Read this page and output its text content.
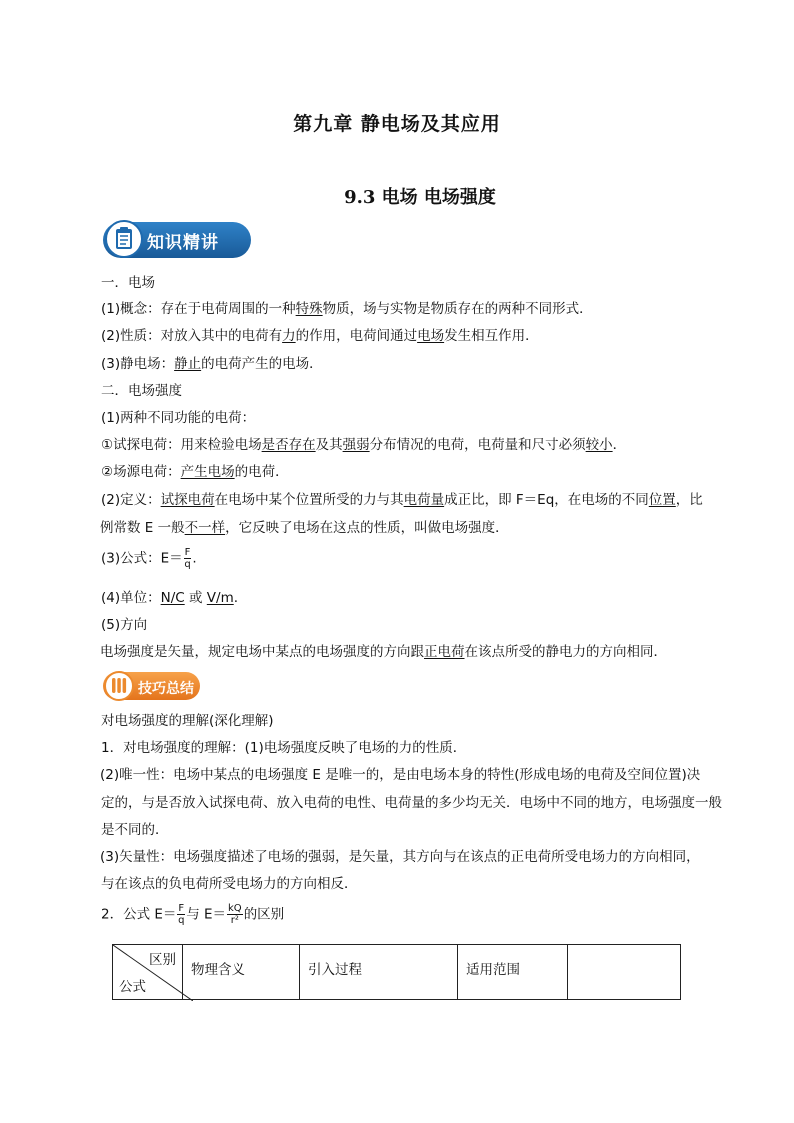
第九章 静电场及其应用
9.3 电场 电场强度
知识精讲
一．电场
(1)概念：存在于电荷周围的一种特殊物质，场与实物是物质存在的两种不同形式．
(2)性质：对放入其中的电荷有力的作用，电荷间通过电场发生相互作用．
(3)静电场：静止的电荷产生的电场．
二．电场强度
(1)两种不同功能的电荷：
①试探电荷：用来检验电场是否存在及其强弱分布情况的电荷，电荷量和尺寸必须较小．
②场源电荷：产生电场的电荷．
(2)定义：试探电荷在电场中某个位置所受的力与其电荷量成正比，即 F＝Eq，在电场的不同位置，比
例常数 E 一般不一样，它反映了电场在这点的性质，叫做电场强度．
(3)公式：$E= \frac{F}{q}$ .
(4)单位：N/C 或 V/m.
(5)方向
电场强度是矢量，规定电场中某点的电场强度的方向跟正电荷在该点所受的静电力的方向相同．
技巧总结
对电场强度的理解(深化理解)
1．对电场强度的理解：(1)电场强度反映了电场的力的性质．
(2)唯一性：电场中某点的电场强度 E 是唯一的，是由电场本身的特性(形成电场的电荷及空间位置)决
定的，与是否放入试探电荷、放入电荷的电性、电荷量的多少均无关．电场中不同的地方，电场强度一般
是不同的．
(3)矢量性：电场强度描述了电场的强弱，是矢量，其方向与在该点的正电荷所受电场力的方向相同，
与在该点的负电荷所受电场力的方向相反．
2．公式 $E= \frac{F}{q}$ 与 $E= \frac{kQ}{\text{r²}}$ 的区别
区别
公式
	物理含义	引入过程	适用范围	
